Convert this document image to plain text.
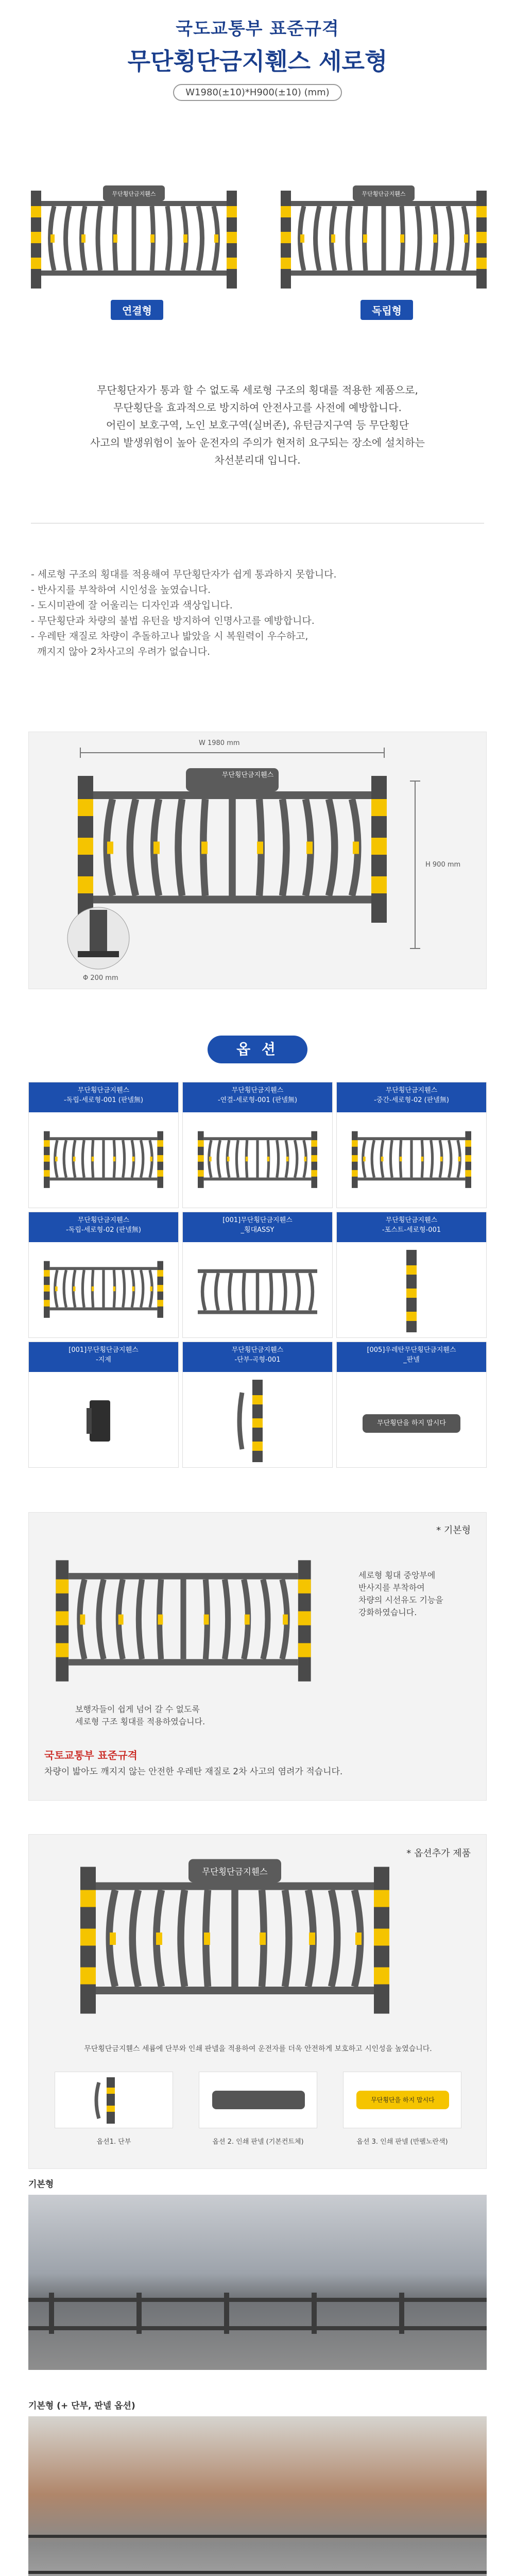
국도교통부 표준규격
무단횡단금지휀스 세로형
W1980(±10)*H900(±10) (mm)
무단횡단금지휀스	무단횡단금지휀스
연결형	독립형
무단횡단자가 통과 할 수 없도록 세로형 구조의 횡대를 적용한 제품으로,
무단횡단을 효과적으로 방지하여 안전사고를 사전에 예방합니다.
어린이 보호구역, 노인 보호구역(실버존), 유턴금지구역 등 무단횡단
사고의 발생위험이 높아 운전자의 주의가 현저히 요구되는 장소에 설치하는
차선분리대 입니다.
- 세로형 구조의 횡대를 적용해여 무단횡단자가 쉽게 통과하지 못합니다.
- 반사지를 부착하여 시인성을 높였습니다.
- 도시미관에 잘 어울리는 디자인과 색상입니다.
- 무단횡단과 차량의 불법 유턴을 방지하여 인명사고를 예방합니다.
- 우레탄 재질로 차량이 추돌하고나 밟았을 시 복원력이 우수하고,
깨지지 않아 2차사고의 우려가 없습니다.
W 1980 mm
H 900 mm
Φ 200 mm
무단횡단금지휀스
옵 션
무단횡단금지휀스
-독립-세로형-001 (판넬無)
무단횡단금지휀스
-연결-세로형-001 (판넬無)
무단횡단금지휀스
-중간-세로형-02 (판넬無)
무단횡단금지휀스
-독립-세로형-02 (판넬無)
[001]무단횡단금지휀스
_횡대ASSY
무단횡단금지휀스
-포스트-세로형-001
[001]무단횡단금지휀스
-지제
무단횡단금지휀스
-단부-곡형-001
[005]우레탄무단횡단금지휀스
_판넬
무단횡단을 하지 맙시다
* 기본형
세로형 횡대 중앙부에
반사지를 부착하여
차량의 시선유도 기능을
강화하였습니다.
보행자들이 쉽게 넘어 갈 수 없도록
세로형 구조 횡대를 적용하였습니다.
국토교통부 표준규격
차량이 밟아도 깨지지 않는 안전한 우레탄 재질로 2차 사고의 염려가 적습니다.
* 옵션추가 제품
무단횡단금지휀스
무단횡단금지휀스 세륨에 단부와 인쇄 판넬을 적용하여 운전자를 더욱 안전하게 보호하고 시인성을 높였습니다.
무단횡단을 하지 맙시다
옵션1. 단부	옵션 2. 인쇄 판넬 (기본컨트체)	옵션 3. 인쇄 판넬 (반펠노란색)
기본형
기본형 (+ 단부, 판넬 옵션)
